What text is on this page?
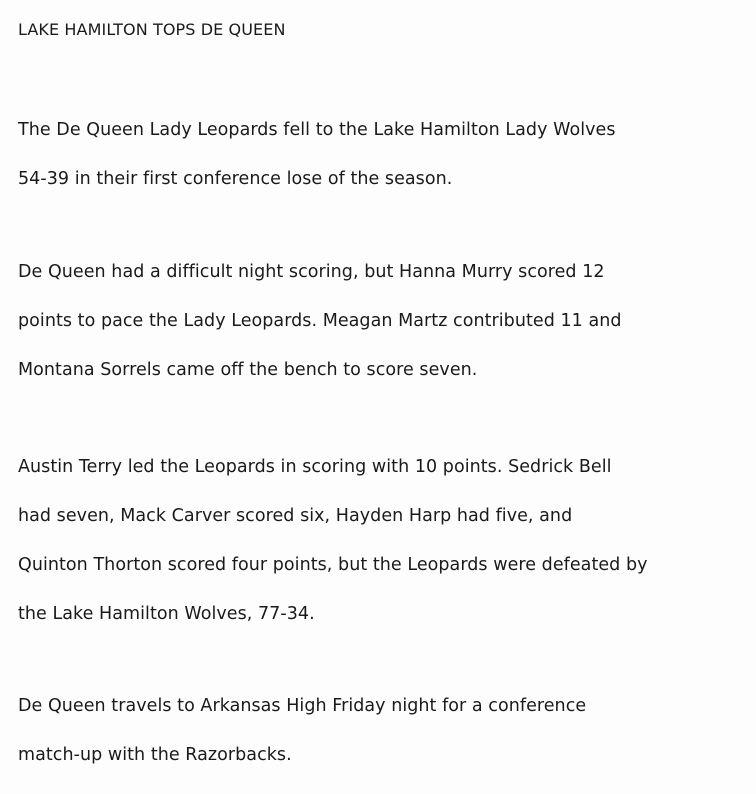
LAKE HAMILTON TOPS DE QUEEN
The De Queen Lady Leopards fell to the Lake Hamilton Lady Wolves
54-39 in their first conference lose of the season.
De Queen had a difficult night scoring, but Hanna Murry scored 12
points to pace the Lady Leopards. Meagan Martz contributed 11 and
Montana Sorrels came off the bench to score seven.
Austin Terry led the Leopards in scoring with 10 points. Sedrick Bell
had seven, Mack Carver scored six, Hayden Harp had five, and
Quinton Thorton scored four points, but the Leopards were defeated by
the Lake Hamilton Wolves, 77-34.
De Queen travels to Arkansas High Friday night for a conference
match-up with the Razorbacks.
